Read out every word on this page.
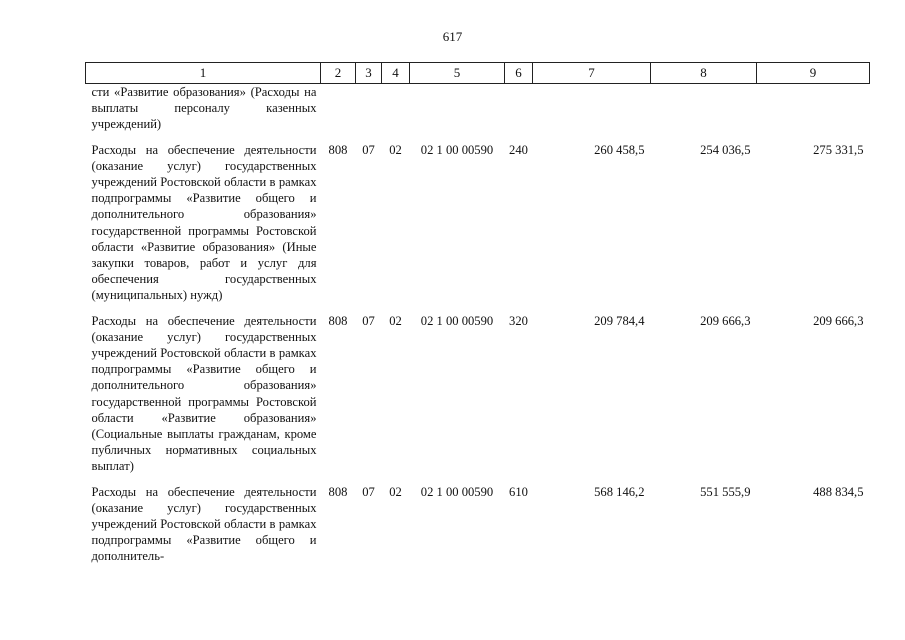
617
1	2	3	4	5	6	7	8	9
сти «Развитие образования» (Расходы на выплаты персоналу казенных учреждений)								
Расходы на обеспечение деятельности (оказание услуг) государственных учреждений Ростовской области в рамках подпрограммы «Развитие общего и дополнительного образования» государственной программы Ростовской области «Развитие образования» (Иные закупки товаров, работ и услуг для обеспечения государственных (муниципальных) нужд)	808	07	02	02 1 00 00590	240	260 458,5	254 036,5	275 331,5
Расходы на обеспечение деятельности (оказание услуг) государственных учреждений Ростовской области в рамках подпрограммы «Развитие общего и дополнительного образования» государственной программы Ростовской области «Развитие образования» (Социальные выплаты гражданам, кроме публичных нормативных социальных выплат)	808	07	02	02 1 00 00590	320	209 784,4	209 666,3	209 666,3
Расходы на обеспечение деятельности (оказание услуг) государственных учреждений Ростовской области в рамках подпрограммы «Развитие общего и дополнитель-	808	07	02	02 1 00 00590	610	568 146,2	551 555,9	488 834,5
